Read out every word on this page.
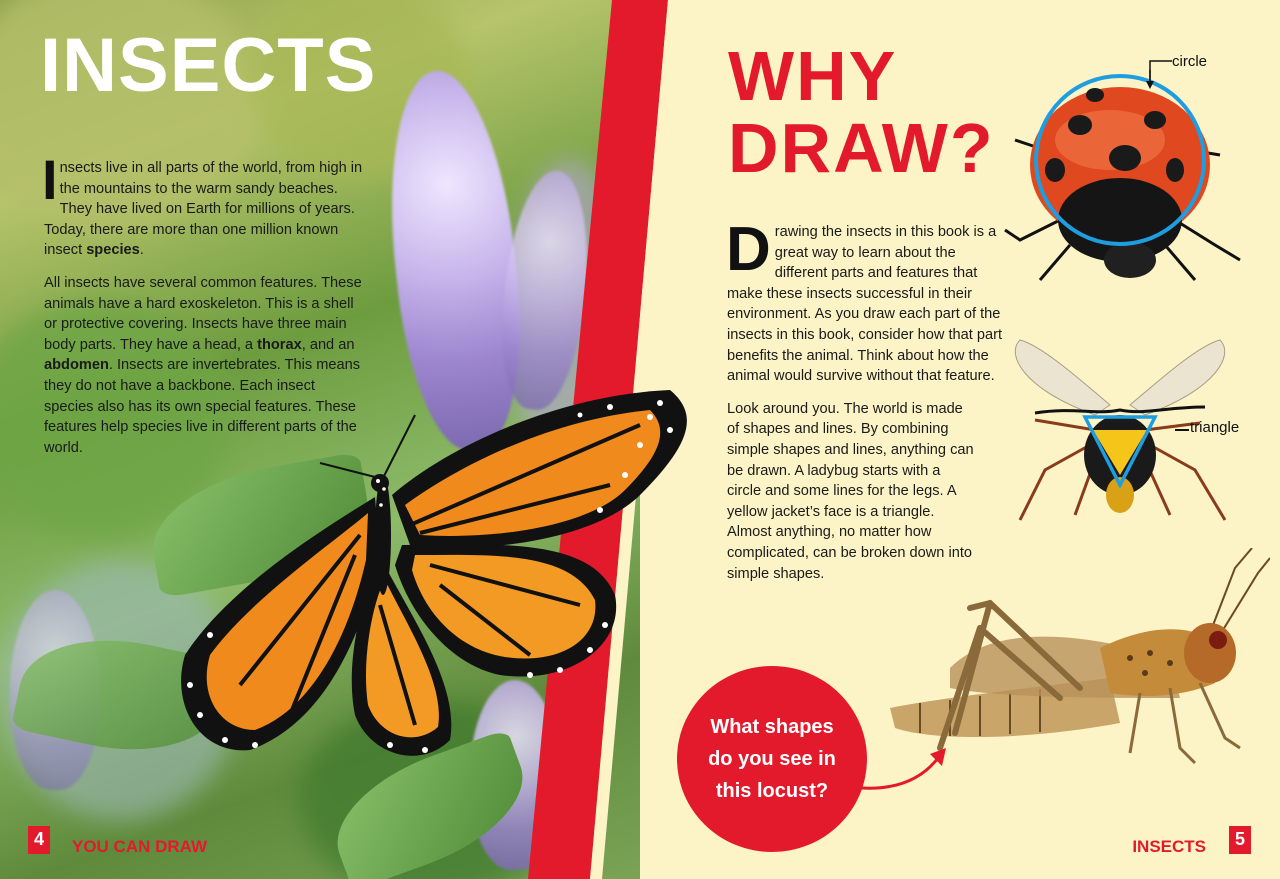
INSECTS

Insects live in all parts of the world, from high in the mountains to the warm sandy beaches. They have lived on Earth for millions of years. Today, there are more than one million known insect species.

All insects have several common features. These animals have a hard exoskeleton. This is a shell or protective covering. Insects have three main body parts. They have a head, a thorax, and an abdomen. Insects are invertebrates. This means they do not have a backbone. Each insect species also has its own special features. These features help species live in different parts of the world.

4	YOU CAN DRAW
WHY
DRAW?

Drawing the insects in this book is a great way to learn about the different parts and features that make these insects successful in their environment. As you draw each part of the insects in this book, consider how that part benefits the animal. Think about how the animal would survive without that feature.

Look around you. The world is made of shapes and lines. By combining simple shapes and lines, anything can be drawn. A ladybug starts with a circle and some lines for the legs. A yellow jacket’s face is a triangle. Almost anything, no matter how complicated, can be broken down into simple shapes.

circle
triangle
What shapes
do you see in
this locust?
INSECTS	5
